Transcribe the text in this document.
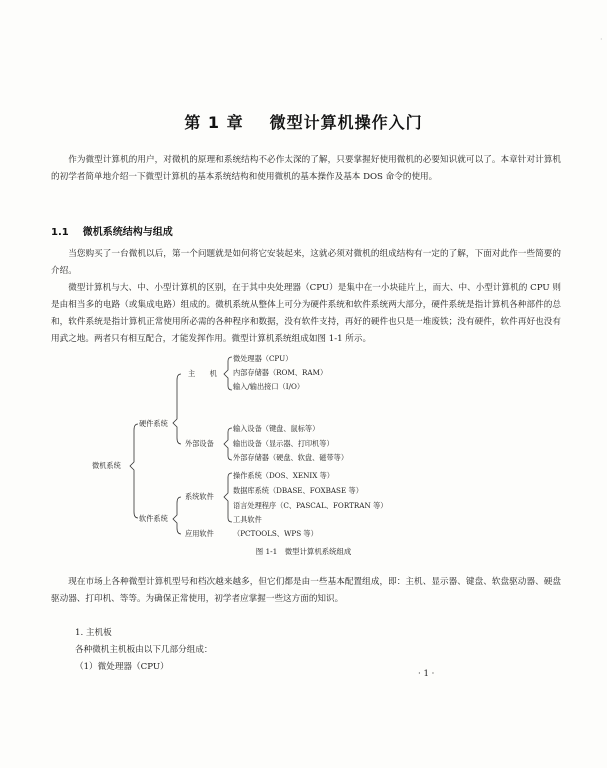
第 1 章 微型计算机操作入门

作为微型计算机的用户，对微机的原理和系统结构不必作太深的了解，只要掌握好使用微机的必要知识就可以了。本章针对计算机的初学者简单地介绍一下微型计算机的基本系统结构和使用微机的基本操作及基本 DOS 命令的使用。

1.1 微机系统结构与组成

当您购买了一台微机以后，第一个问题就是如何将它安装起来，这就必须对微机的组成结构有一定的了解，下面对此作一些简要的介绍。

微型计算机与大、中、小型计算机的区别，在于其中央处理器（CPU）是集中在一小块硅片上，而大、中、小型计算机的 CPU 则是由相当多的电路（或集成电路）组成的。微机系统从整体上可分为硬件系统和软件系统两大部分，硬件系统是指计算机各种部件的总和，软件系统是指计算机正常使用所必需的各种程序和数据，没有软件支持，再好的硬件也只是一堆废铁；没有硬件，软件再好也没有用武之地。两者只有相互配合，才能发挥作用。微型计算机系统组成如图 1-1 所示。

微机系统
硬件系统
软件系统
主　　机
外部设备
系统软件
应用软件
微处理器（CPU）
内部存储器（ROM、RAM）
输入/输出接口（I/O）
输入设备（键盘、鼠标等）
输出设备（显示器、打印机等）
外部存储器（硬盘、软盘、磁带等）
操作系统（DOS、XENIX 等）
数据库系统（DBASE、FOXBASE 等）
语言处理程序（C、PASCAL、FORTRAN 等）
工具软件
（PCTOOLS、WPS 等）
图 1-1　微型计算机系统组成

现在市场上各种微型计算机型号和档次越来越多，但它们都是由一些基本配置组成，即：主机、显示器、键盘、软盘驱动器、硬盘驱动器、打印机、等等。为确保正常使用，初学者应掌握一些这方面的知识。

1. 主机板
各种微机主机板由以下几部分组成：
（1）微处理器（CPU）
· 1 ·
·
